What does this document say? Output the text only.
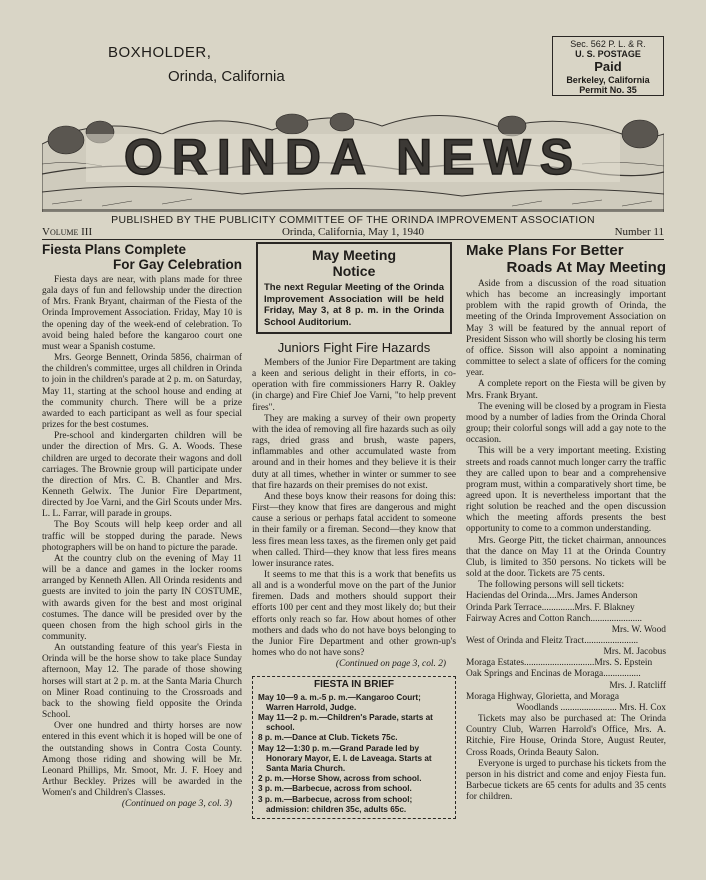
BOXHOLDER,
Orinda, California
Sec. 562 P. L. & R.
U. S. POSTAGE
Paid
Berkeley, California
Permit No. 35
ORINDA NEWS
PUBLISHED BY THE PUBLICITY COMMITTEE OF THE ORINDA IMPROVEMENT ASSOCIATION
Orinda, California, May 1, 1940
Volume III	Number 11
Fiesta Plans Complete
For Gay Celebration

Fiesta days are near, with plans made for three gala days of fun and fellowship under the direction of Mrs. Frank Bryant, chairman of the Fiesta of the Orinda Improvement Association. Friday, May 10 is the opening day of the week-end of celebration. To avoid being haled before the kangaroo court one must wear a Spanish costume.

Mrs. George Bennett, Orinda 5856, chairman of the children's committee, urges all children in Orinda to join in the children's parade at 2 p. m. on Saturday, May 11, starting at the school house and ending at the community church. There will be a prize awarded to each participant as well as four special prizes for the best costumes.

Pre-school and kindergarten children will be under the direction of Mrs. G. A. Woods. These children are urged to decorate their wagons and doll carriages. The Brownie group will participate under the direction of Mrs. C. B. Chantler and Mrs. Kenneth Gelwix. The Junior Fire Department, directed by Joe Varni, and the Girl Scouts under Mrs. L. L. Farrar, will parade in groups.

The Boy Scouts will help keep order and all traffic will be stopped during the parade. News photographers will be on hand to picture the parade.

At the country club on the evening of May 11 will be a dance and games in the locker rooms arranged by Kenneth Allen. All Orinda residents and guests are invited to join the party IN COSTUME, with awards given for the best and most original costumes. The dance will be presided over by the queen chosen from the high school girls in the community.

An outstanding feature of this year's Fiesta in Orinda will be the horse show to take place Sunday afternoon, May 12. The parade of those showing horses will start at 2 p. m. at the Santa Maria Church on Miner Road continuing to the Crossroads and back to the showing field opposite the Orinda School.

Over one hundred and thirty horses are now entered in this event which it is hoped will be one of the outstanding shows in Contra Costa County. Among those riding and showing will be Mr. Leonard Phillips, Mr. Smoot, Mr. J. F. Hoey and Arthur Beckley. Prizes will be awarded in the Women's and Children's Classes.

(Continued on page 3, col. 3)

May Meeting
Notice
The next Regular Meeting of the Orinda Improvement Association will be held Friday, May 3, at 8 p. m. in the Orinda School Auditorium.
Juniors Fight Fire Hazards

Members of the Junior Fire Department are taking a keen and serious delight in their efforts, in co-operation with fire commissioners Harry R. Oakley (in charge) and Fire Chief Joe Varni, "to help prevent fires".

They are making a survey of their own property with the idea of removing all fire hazards such as oily rags, dried grass and brush, waste papers, inflammables and other accumulated waste from around and in their homes and they believe it is their duty at all times, whether in winter or summer to see that fire hazards on their premises do not exist.

And these boys know their reasons for doing this: First—they know that fires are dangerous and might cause a serious or perhaps fatal accident to someone in their family or a fireman. Second—they know that less fires mean less taxes, as the firemen only get paid when called. Third—they know that less fires means lower insurance rates.

It seems to me that this is a work that benefits us all and is a wonderful move on the part of the Junior firemen. Dads and mothers should support their efforts 100 per cent and they most likely do; but their efforts only reach so far. How about homes of other mothers and dads who do not have boys belonging to the Junior Fire Department and other grown-up's homes who do not have sons?

(Continued on page 3, col. 2)

FIESTA IN BRIEF
May 10—9 a. m.-5 p. m.—Kangaroo Court; Warren Harrold, Judge.
May 11—2 p. m.—Children's Parade, starts at school.
8 p. m.—Dance at Club. Tickets 75c.
May 12—1:30 p. m.—Grand Parade led by Honorary Mayor, E. I. de Laveaga. Starts at Santa Maria Church.
2 p. m.—Horse Show, across from school.
3 p. m.—Barbecue, across from school.
3 p. m.—Barbecue, across from school; admission: children 35c, adults 65c.
Make Plans For Better
Roads At May Meeting

Aside from a discussion of the road situation which has become an increasingly important problem with the rapid growth of Orinda, the meeting of the Orinda Improvement Association on May 3 will be featured by the annual report of President Sisson who will shortly be closing his term of office. Sisson will also appoint a nominating committee to select a slate of officers for the coming year.

A complete report on the Fiesta will be given by Mrs. Frank Bryant.

The evening will be closed by a program in Fiesta mood by a number of ladies from the Orinda Choral group; their colorful songs will add a gay note to the occasion.

This will be a very important meeting. Existing streets and roads cannot much longer carry the traffic they are called upon to bear and a comprehensive program must, within a comparatively short time, be agreed upon. It is nevertheless important that the right solution be reached and the open discussion which the meeting affords presents the best opportunity to come to a common understanding.

Mrs. George Pitt, the ticket chairman, announces that the dance on May 11 at the Orinda Country Club, is limited to 350 persons. No tickets will be sold at the door. Tickets are 75 cents.

The following persons will sell tickets:

Haciendas del Orinda....Mrs. James Anderson
Orinda Park Terrace..............Mrs. F. Blakney
Fairway Acres and Cotton Ranch......................
Mrs. W. Wood
West of Orinda and Fleitz Tract.......................
Mrs. M. Jacobus
Moraga Estates..............................Mrs. S. Epstein
Oak Springs and Encinas de Moraga................
Mrs. J. Ratcliff
Moraga Highway, Glorietta, and Moraga
Woodlands ........................ Mrs. H. Cox

Tickets may also be purchased at: The Orinda Country Club, Warren Harrold's Office, Mrs. A. Ritchie, Fire House, Orinda Store, August Reuter, Cross Roads, Orinda Beauty Salon.

Everyone is urged to purchase his tickets from the person in his district and come and enjoy Fiesta fun. Barbecue tickets are 65 cents for adults and 35 cents for children.
